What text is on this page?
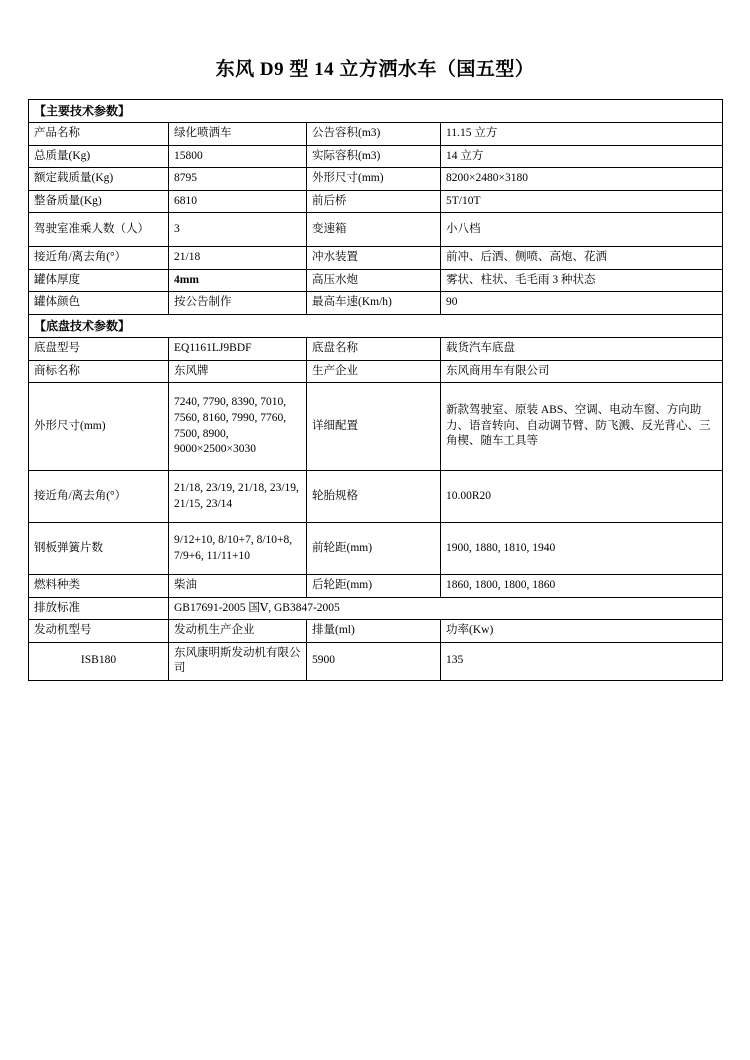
东风 D9 型 14 立方洒水车（国五型）
【主要技术参数】			
产品名称	绿化喷洒车	公告容积(m3)	11.15 立方
总质量(Kg)	15800	实际容积(m3)	14 立方
额定载质量(Kg)	8795	外形尺寸(mm)	8200×2480×3180
整备质量(Kg)	6810	前后桥	5T/10T
驾驶室准乘人数（人）	3	变速箱	小八档
接近角/离去角(°）	21/18	冲水装置	前冲、后洒、侧喷、高炮、花洒
罐体厚度	4mm	高压水炮	雾状、柱状、毛毛雨 3 种状态
罐体颜色	按公告制作	最高车速(Km/h)	90
【底盘技术参数】			
底盘型号	EQ1161LJ9BDF	底盘名称	载货汽车底盘
商标名称	东风牌	生产企业	东风商用车有限公司
外形尺寸(mm)	7240, 7790, 8390, 7010, 7560, 8160, 7990, 7760, 7500, 8900, 9000×2500×3030	详细配置	新款驾驶室、原装 ABS、空调、电动车窗、方向助力、语音转向、自动调节臂、防飞溅、反光背心、三角楔、随车工具等
接近角/离去角(°）	21/18, 23/19, 21/18, 23/19, 21/15, 23/14	轮胎规格	10.00R20
钢板弹簧片数	9/12+10, 8/10+7, 8/10+8, 7/9+6, 11/11+10	前轮距(mm)	1900, 1880, 1810, 1940
燃料种类	柴油	后轮距(mm)	1860, 1800, 1800, 1860
排放标准	GB17691-2005 国Ⅴ, GB3847-2005		
发动机型号	发动机生产企业	排量(ml)	功率(Kw)
ISB180	东风康明斯发动机有限公司	5900	135
